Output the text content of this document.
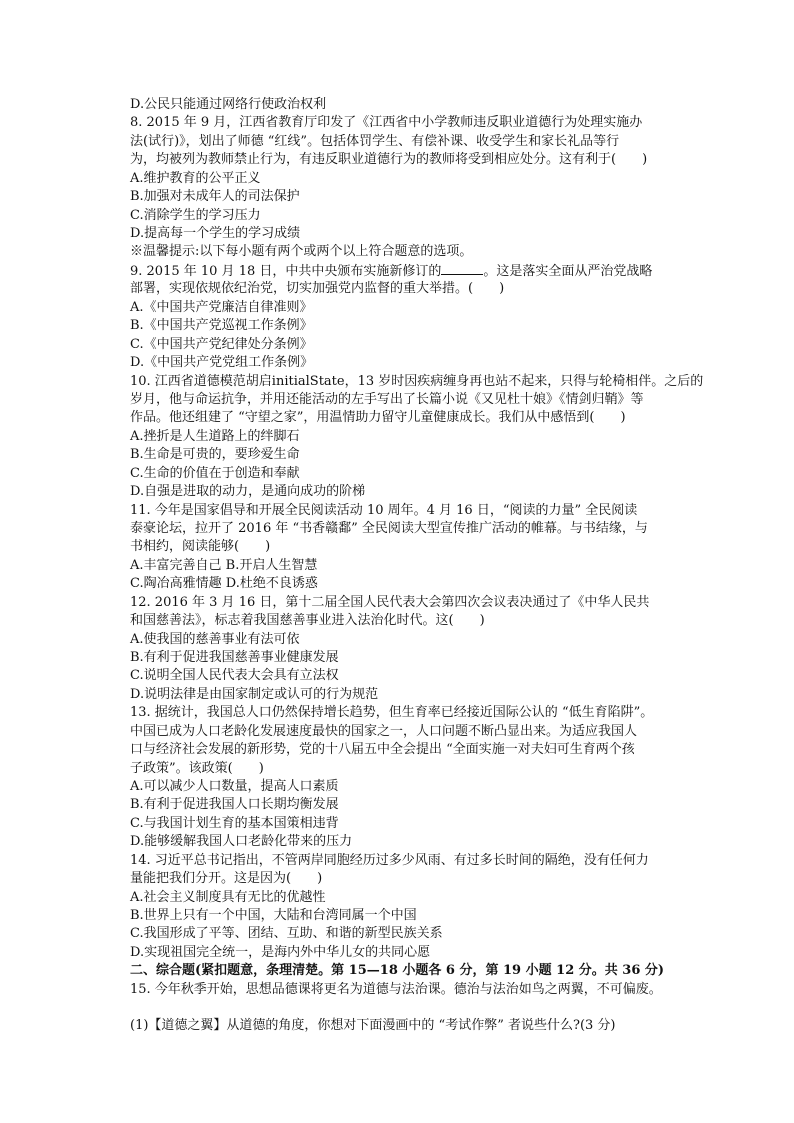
D.公民只能通过网络行使政治权利
8. 2015 年 9 月，江西省教育厅印发了《江西省中小学教师违反职业道德行为处理实施办
法(试行)》，划出了师德 “红线”。包括体罚学生、有偿补课、收受学生和家长礼品等行
为，均被列为教师禁止行为，有违反职业道德行为的教师将受到相应处分。这有利于(　　)
A.维护教育的公平正义
B.加强对未成年人的司法保护
C.消除学生的学习压力
D.提高每一个学生的学习成绩
※温馨提示:以下每小题有两个或两个以上符合题意的选项。
9. 2015 年 10 月 18 日，中共中央颁布实施新修订的	。这是落实全面从严治党战略
部署，实现依规依纪治党，切实加强党内监督的重大举措。(　　)
A.《中国共产党廉洁自律准则》
B.《中国共产党巡视工作条例》
C.《中国共产党纪律处分条例》
D.《中国共产党党组工作条例》
10. 江西省道德模范胡启initialState，13 岁时因疾病缠身再也站不起来，只得与轮椅相伴。之后的
岁月，他与命运抗争，并用还能活动的左手写出了长篇小说《又见杜十娘》《情剑归鞘》等
作品。他还组建了 “守望之家”，用温情助力留守儿童健康成长。我们从中感悟到(　　)
A.挫折是人生道路上的绊脚石
B.生命是可贵的，要珍爱生命
C.生命的价值在于创造和奉献
D.自强是进取的动力，是通向成功的阶梯
11. 今年是国家倡导和开展全民阅读活动 10 周年。4 月 16 日，“阅读的力量” 全民阅读
泰豪论坛，拉开了 2016 年 “书香赣鄱” 全民阅读大型宣传推广活动的帷幕。与书结缘，与
书相约，阅读能够(　　)
A.丰富完善自己 B.开启人生智慧
C.陶冶高雅情趣 D.杜绝不良诱惑
12. 2016 年 3 月 16 日，第十二届全国人民代表大会第四次会议表决通过了《中华人民共
和国慈善法》，标志着我国慈善事业进入法治化时代。这(　　)
A.使我国的慈善事业有法可依
B.有利于促进我国慈善事业健康发展
C.说明全国人民代表大会具有立法权
D.说明法律是由国家制定或认可的行为规范
13. 据统计，我国总人口仍然保持增长趋势，但生育率已经接近国际公认的 “低生育陷阱”。
中国已成为人口老龄化发展速度最快的国家之一，人口问题不断凸显出来。为适应我国人
口与经济社会发展的新形势，党的十八届五中全会提出 “全面实施一对夫妇可生育两个孩
子政策”。该政策(　　)
A.可以减少人口数量，提高人口素质
B.有利于促进我国人口长期均衡发展
C.与我国计划生育的基本国策相违背
D.能够缓解我国人口老龄化带来的压力
14. 习近平总书记指出，不管两岸同胞经历过多少风雨、有过多长时间的隔绝，没有任何力
量能把我们分开。这是因为(　　)
A.社会主义制度具有无比的优越性
B.世界上只有一个中国，大陆和台湾同属一个中国
C.我国形成了平等、团结、互助、和谐的新型民族关系
D.实现祖国完全统一，是海内外中华儿女的共同心愿
二、综合题(紧扣题意，条理清楚。第 15—18 小题各 6 分，第 19 小题 12 分。共 36 分)
15. 今年秋季开始，思想品德课将更名为道德与法治课。德治与法治如鸟之两翼，不可偏废。
(1)【道德之翼】从道德的角度，你想对下面漫画中的 “考试作弊” 者说些什么?(3 分)
